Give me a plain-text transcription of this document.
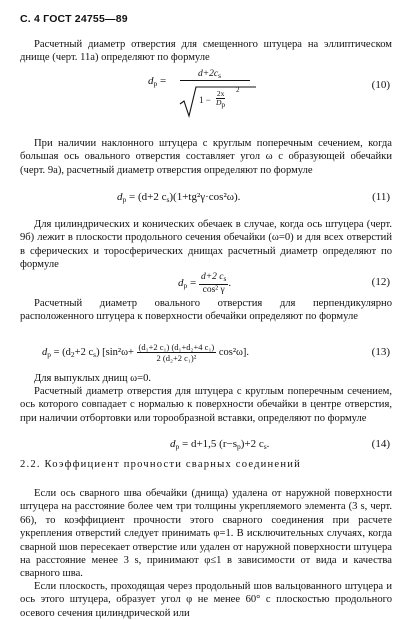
С. 4 ГОСТ 24755—89

Расчетный диаметр отверстия для смещенного штуцера на эллиптическом днище (черт. 11а) определяют по формуле

$d_p$ =
$d+2c_s$
1 −
2x
$D_p$
2	(10)

При наличии наклонного штуцера с круглым поперечным сечением, когда большая ось овального отверстия составляет угол ω с образующей обечайки (черт. 9а), расчетный диаметр отверстия определяют по формуле

$d_p = (d+2$ $c_s)(1+tg^2\gamma\cdot\cos^2\omega)$.	(11)

Для цилиндрических и конических обечаек в случае, когда ось штуцера (черт. 9б) лежит в плоскости продольного сечения обечайки (ω=0) и для всех отверстий в сферических и торосферических днищах расчетный диаметр определяют по формуле

$d_p = \frac{d+2 c_s}{\text{cos² γ}}$ .	(12)

Расчетный диаметр овального отверстия для перпендикулярно расположенного штуцера к поверхности обечайки определяют по формуле

$d_p = (d_2+2$ $c_s$) $[\sin^2\omega+ \frac{\text{(d₁+2 c₁) (d₁+d₂+4 c₁)}}{\text{2 (d₂+2 c₁)²}} \cos^2\omega]$.	(13)

Для выпуклых днищ ω=0.

Расчетный диаметр отверстия для штуцера с круглым поперечным сечением, ось которого совпадает с нормалью к поверхности обечайки в центре отверстия, при наличии отбортовки или торообразной вставки, определяют по формуле

$d_p = d+1,5$ $(r-s_p)+2$ $c_s$.	(14)

2.2. Коэффициент прочности сварных соединений

Если ось сварного шва обечайки (днища) удалена от наружной поверхности штуцера на расстояние более чем три толщины укрепляемого элемента (3 s, черт. 66), то коэффициент прочности этого сварного соединения при расчете укрепления отверстий следует принимать φ=1. В исключительных случаях, когда сварной шов пересекает отверстие или удален от наружной поверхности штуцера на расстояние менее 3 s, принимают φ≤1 в зависимости от вида и качества сварного шва.

Если плоскость, проходящая через продольный шов вальцованного штуцера и ось этого штуцера, образует угол φ не менее 60° с плоскостью продольного осевого сечения цилиндрической или
